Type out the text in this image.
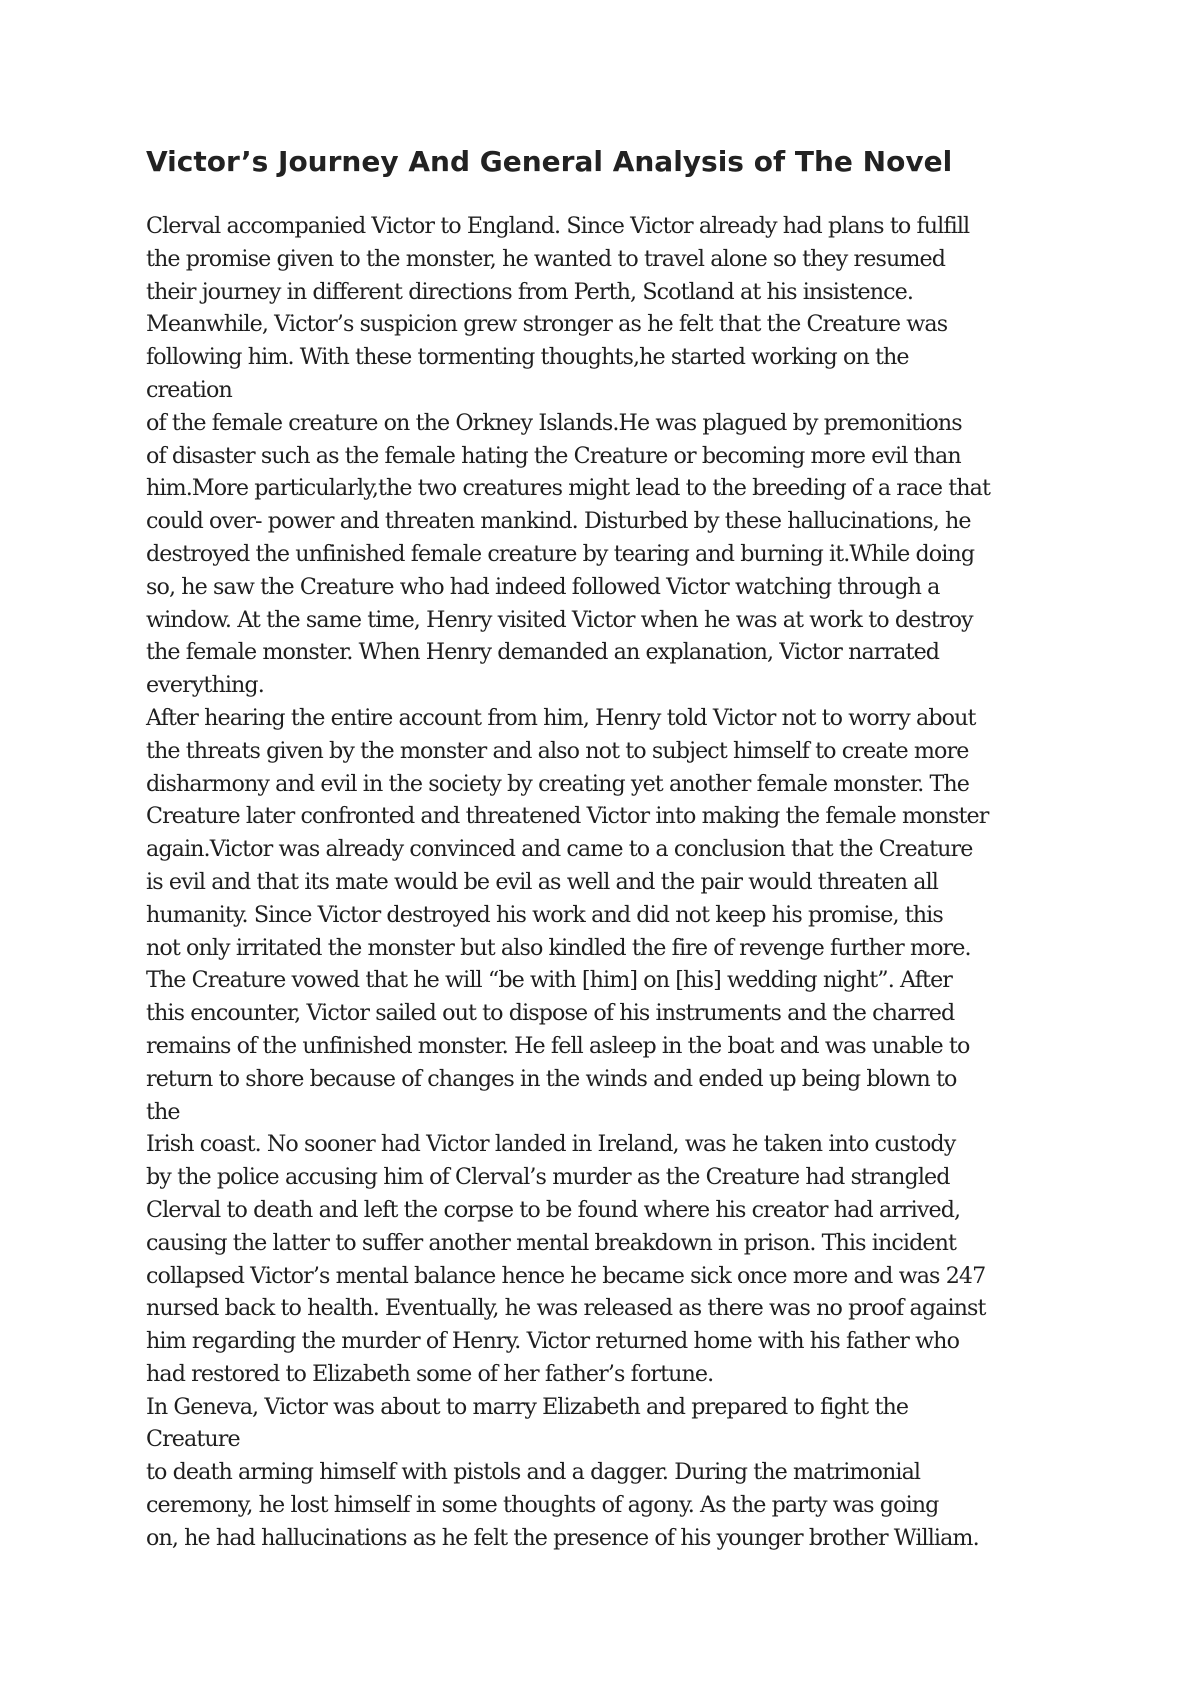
Victor’s Journey And General Analysis of The Novel
Clerval accompanied Victor to England. Since Victor already had plans to fulfill
the promise given to the monster, he wanted to travel alone so they resumed
their journey in different directions from Perth, Scotland at his insistence.
Meanwhile, Victor’s suspicion grew stronger as he felt that the Creature was
following him. With these tormenting thoughts,he started working on the
creation
of the female creature on the Orkney Islands.He was plagued by premonitions
of disaster such as the female hating the Creature or becoming more evil than
him.More particularly,the two creatures might lead to the breeding of a race that
could over- power and threaten mankind. Disturbed by these hallucinations, he
destroyed the unfinished female creature by tearing and burning it.While doing
so, he saw the Creature who had indeed followed Victor watching through a
window. At the same time, Henry visited Victor when he was at work to destroy
the female monster. When Henry demanded an explanation, Victor narrated
everything.
After hearing the entire account from him, Henry told Victor not to worry about
the threats given by the monster and also not to subject himself to create more
disharmony and evil in the society by creating yet another female monster. The
Creature later confronted and threatened Victor into making the female monster
again.Victor was already convinced and came to a conclusion that the Creature
is evil and that its mate would be evil as well and the pair would threaten all
humanity. Since Victor destroyed his work and did not keep his promise, this
not only irritated the monster but also kindled the fire of revenge further more.
The Creature vowed that he will “be with [him] on [his] wedding night”. After
this encounter, Victor sailed out to dispose of his instruments and the charred
remains of the unfinished monster. He fell asleep in the boat and was unable to
return to shore because of changes in the winds and ended up being blown to
the
Irish coast. No sooner had Victor landed in Ireland, was he taken into custody
by the police accusing him of Clerval’s murder as the Creature had strangled
Clerval to death and left the corpse to be found where his creator had arrived,
causing the latter to suffer another mental breakdown in prison. This incident
collapsed Victor’s mental balance hence he became sick once more and was 247
nursed back to health. Eventually, he was released as there was no proof against
him regarding the murder of Henry. Victor returned home with his father who
had restored to Elizabeth some of her father’s fortune.
In Geneva, Victor was about to marry Elizabeth and prepared to fight the
Creature
to death arming himself with pistols and a dagger. During the matrimonial
ceremony, he lost himself in some thoughts of agony. As the party was going
on, he had hallucinations as he felt the presence of his younger brother William.
